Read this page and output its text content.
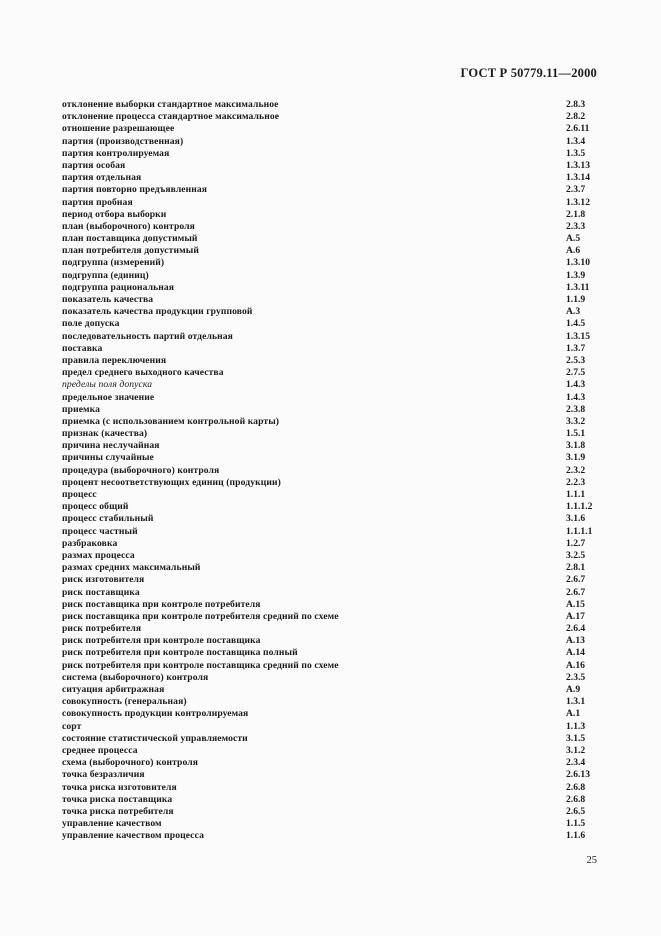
ГОСТ Р 50779.11—2000
отклонение выборки стандартное максимальное	2.8.3
отклонение процесса стандартное максимальное	2.8.2
отношение разрешающее	2.6.11
партия (производственная)	1.3.4
партия контролируемая	1.3.5
партия особая	1.3.13
партия отдельная	1.3.14
партия повторно предъявленная	2.3.7
партия пробная	1.3.12
период отбора выборки	2.1.8
план (выборочного) контроля	2.3.3
план поставщика допустимый	А.5
план потребителя допустимый	А.6
подгруппа (измерений)	1.3.10
подгруппа (единиц)	1.3.9
подгруппа рациональная	1.3.11
показатель качества	1.1.9
показатель качества продукции групповой	А.3
поле допуска	1.4.5
последовательность партий отдельная	1.3.15
поставка	1.3.7
правила переключения	2.5.3
предел среднего выходного качества	2.7.5
пределы поля допуска	1.4.3
предельное значение	1.4.3
приемка	2.3.8
приемка (с использованием контрольной карты)	3.3.2
признак (качества)	1.5.1
причина неслучайная	3.1.8
причины случайные	3.1.9
процедура (выборочного) контроля	2.3.2
процент несоответствующих единиц (продукции)	2.2.3
процесс	1.1.1
процесс общий	1.1.1.2
процесс стабильный	3.1.6
процесс частный	1.1.1.1
разбраковка	1.2.7
размах процесса	3.2.5
размах средних максимальный	2.8.1
риск изготовителя	2.6.7
риск поставщика	2.6.7
риск поставщика при контроле потребителя	А.15
риск поставщика при контроле потребителя средний по схеме	А.17
риск потребителя	2.6.4
риск потребителя при контроле поставщика	А.13
риск потребителя при контроле поставщика полный	А.14
риск потребителя при контроле поставщика средний по схеме	А.16
система (выборочного) контроля	2.3.5
ситуация арбитражная	А.9
совокупность (генеральная)	1.3.1
совокупность продукции контролируемая	А.1
сорт	1.1.3
состояние статистической управляемости	3.1.5
среднее процесса	3.1.2
схема (выборочного) контроля	2.3.4
точка безразличия	2.6.13
точка риска изготовителя	2.6.8
точка риска поставщика	2.6.8
точка риска потребителя	2.6.5
управление качеством	1.1.5
управление качеством процесса	1.1.6
25
